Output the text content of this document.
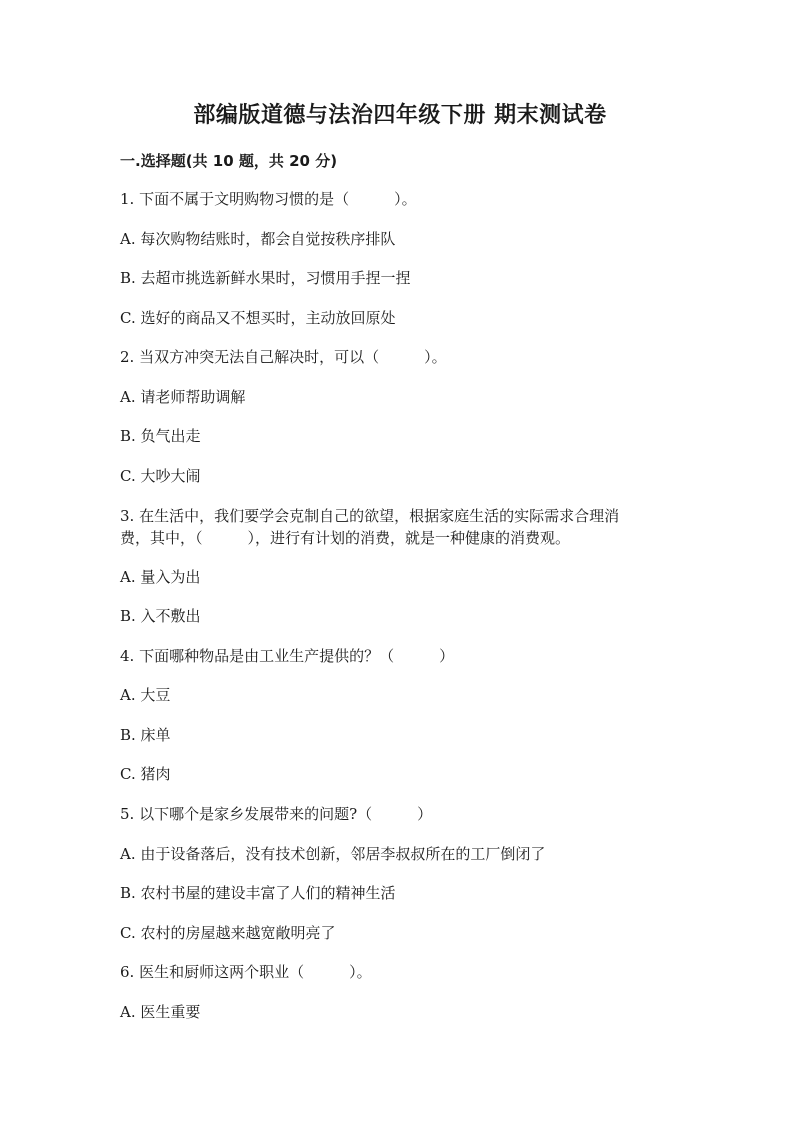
部编版道德与法治四年级下册 期末测试卷
一.选择题(共 10 题，共 20 分)
1. 下面不属于文明购物习惯的是（　　　）。
A. 每次购物结账时，都会自觉按秩序排队
B. 去超市挑选新鲜水果时，习惯用手捏一捏
C. 选好的商品又不想买时，主动放回原处
2. 当双方冲突无法自己解决时，可以（　　　）。
A. 请老师帮助调解
B. 负气出走
C. 大吵大闹
3. 在生活中，我们要学会克制自己的欲望，根据家庭生活的实际需求合理消
费，其中，（　　　），进行有计划的消费，就是一种健康的消费观。
A. 量入为出
B. 入不敷出
4. 下面哪种物品是由工业生产提供的？（　　　）
A. 大豆
B. 床单
C. 猪肉
5. 以下哪个是家乡发展带来的问题?（　　　）
A. 由于设备落后，没有技术创新，邻居李叔叔所在的工厂倒闭了
B. 农村书屋的建设丰富了人们的精神生活
C. 农村的房屋越来越宽敞明亮了
6. 医生和厨师这两个职业（　　　）。
A. 医生重要
